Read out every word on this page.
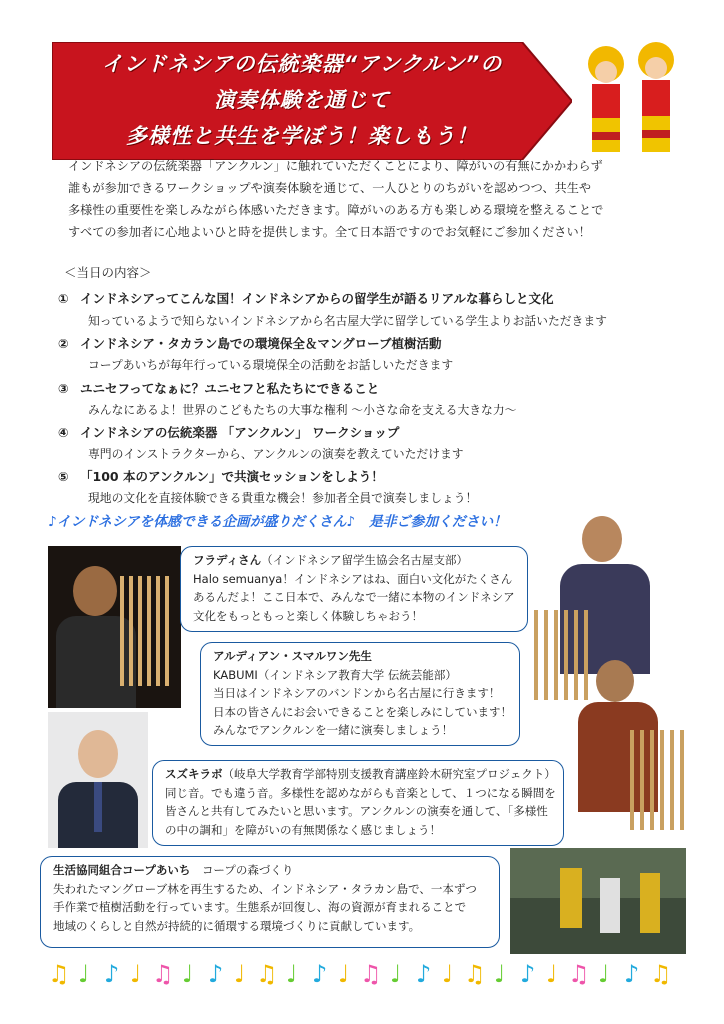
インドネシアの伝統楽器“アンクルン”の
演奏体験を通じて
多様性と共生を学ぼう！楽しもう！

インドネシアの伝統楽器「アンクルン」に触れていただくことにより、障がいの有無にかかわらず

誰もが参加できるワークショップや演奏体験を通じて、一人ひとりのちがいを認めつつ、共生や

多様性の重要性を楽しみながら体感いただきます。障がいのある方も楽しめる環境を整えることで

すべての参加者に心地よいひと時を提供します。全て日本語ですのでお気軽にご参加ください！

＜当日の内容＞
① インドネシアってこんな国！インドネシアからの留学生が語るリアルな暮らしと文化
知っているようで知らないインドネシアから名古屋大学に留学している学生よりお話いただきます
② インドネシア・タカラン島での環境保全＆マングローブ植樹活動
コープあいちが毎年行っている環境保全の活動をお話しいただきます
③ ユニセフってなぁに？ユニセフと私たちにできること
みんなにあるよ！世界のこどもたちの大事な権利 ～小さな命を支える大きな力～
④ インドネシアの伝統楽器 「アンクルン」 ワークショップ
専門のインストラクターから、アンクルンの演奏を教えていただけます
⑤ 「100 本のアンクルン」で共演セッションをしよう！
現地の文化を直接体験できる貴重な機会！参加者全員で演奏しましょう！
♪インドネシアを体感できる企画が盛りだくさん♪　是非ご参加ください！

フラディさん（インドネシア留学生協会名古屋支部）

Halo semuanya！インドネシアはね、面白い文化がたくさん

あるんだよ！ここ日本で、みんなで一緒に本物のインドネシア

文化をもっともっと楽しく体験しちゃおう！

アルディアン・スマルワン先生

KABUMI（インドネシア教育大学 伝統芸能部）

当日はインドネシアのバンドンから名古屋に行きます！

日本の皆さんにお会いできることを楽しみにしています！

みんなでアンクルンを一緒に演奏しましょう！

スズキラボ（岐阜大学教育学部特別支援教育講座鈴木研究室プロジェクト）

同じ音。でも違う音。多様性を認めながらも音楽として、１つになる瞬間を

皆さんと共有してみたいと思います。アンクルンの演奏を通して、「多様性

の中の調和」を障がいの有無関係なく感じましょう！

生活協同組合コープあいち　 コープの森づくり

失われたマングローブ林を再生するため、インドネシア・タラカン島で、一本ずつ

手作業で植樹活動を行っています。生態系が回復し、海の資源が育まれることで

地域のくらしと自然が持続的に循環する環境づくりに貢献しています。

♫ ♩ ♪ ♩ ♫ ♩ ♪ ♩ ♫ ♩ ♪ ♩ ♫ ♩ ♪ ♩ ♫ ♩ ♪ ♩ ♫ ♩ ♪ ♫
